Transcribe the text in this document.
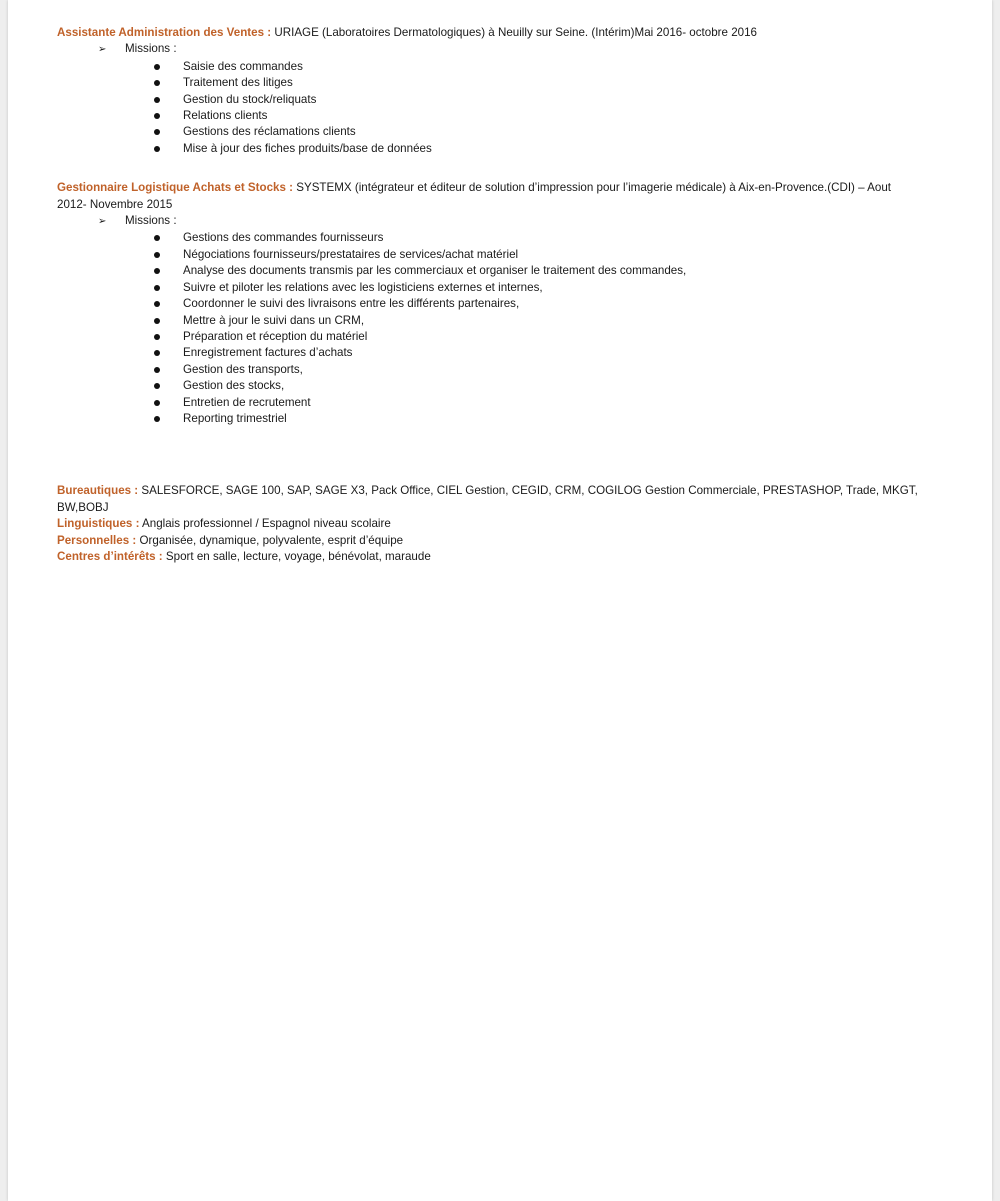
Assistante Administration des Ventes : URIAGE (Laboratoires Dermatologiques) à Neuilly sur Seine. (Intérim)Mai 2016- octobre 2016

➢ Missions :

Saisie des commandes
Traitement des litiges
Gestion du stock/reliquats
Relations clients
Gestions des réclamations clients
Mise à jour des fiches produits/base de données

Gestionnaire Logistique Achats et Stocks : SYSTEMX (intégrateur et éditeur de solution d’impression pour l’imagerie médicale) à Aix-en-Provence.(CDI) – Aout 2012- Novembre 2015

➢ Missions :

Gestions des commandes fournisseurs
Négociations fournisseurs/prestataires de services/achat matériel
Analyse des documents transmis par les commerciaux et organiser le traitement des commandes,
Suivre et piloter les relations avec les logisticiens externes et internes,
Coordonner le suivi des livraisons entre les différents partenaires,
Mettre à jour le suivi dans un CRM,
Préparation et réception du matériel
Enregistrement factures d’achats
Gestion des transports,
Gestion des stocks,
Entretien de recrutement
Reporting trimestriel

Bureautiques : SALESFORCE, SAGE 100, SAP, SAGE X3, Pack Office, CIEL Gestion, CEGID, CRM, COGILOG Gestion Commerciale, PRESTASHOP, Trade, MKGT, BW,BOBJ

Linguistiques : Anglais professionnel / Espagnol niveau scolaire

Personnelles : Organisée, dynamique, polyvalente, esprit d’équipe

Centres d’intérêts : Sport en salle, lecture, voyage, bénévolat, maraude
